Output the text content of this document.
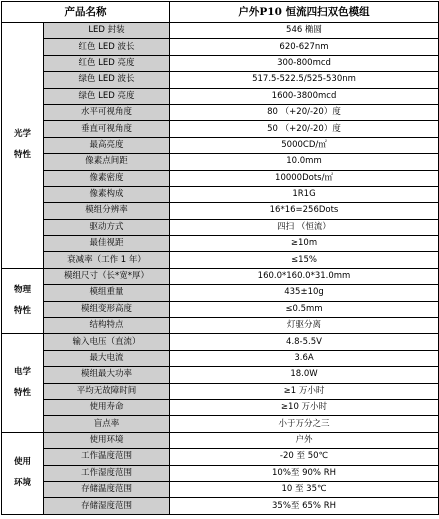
产品名称		户外P10 恒流四扫双色模组

光学
特性	LED 封装	546 椭圆
	红色 LED 波长	620-627nm
	红色 LED 亮度	300-800mcd
	绿色 LED 波长	517.5-522.5/525-530nm
	绿色 LED 亮度	1600-3800mcd
	水平可视角度	80 （+20/-20）度
	垂直可视角度	50 （+20/-20）度
	最高亮度	5000CD/㎡
	像素点间距	10.0mm
	像素密度	10000Dots/㎡
	像素构成	1R1G
	模组分辨率	16*16=256Dots
	驱动方式	四扫 （恒流）
	最佳视距	≥10m
	衰减率（工作 1 年）	≤15%

物理
特性	模组尺寸（长*宽*厚）	160.0*160.0*31.0mm
	模组重量	435±10g
	模组变形高度	≤0.5mm
	结构特点	灯驱分离

电学
特性	输入电压（直流）	4.8-5.5V
	最大电流	3.6A
	模组最大功率	18.0W
	平均无故障时间	≥1 万小时
	使用寿命	≥10 万小时
	盲点率	小于万分之三

使用
环境	使用环境	户外
	工作温度范围	-20 至 50℃
	工作湿度范围	10%至 90% RH
	存储温度范围	10 至 35℃
	存储湿度范围	35%至 65% RH
